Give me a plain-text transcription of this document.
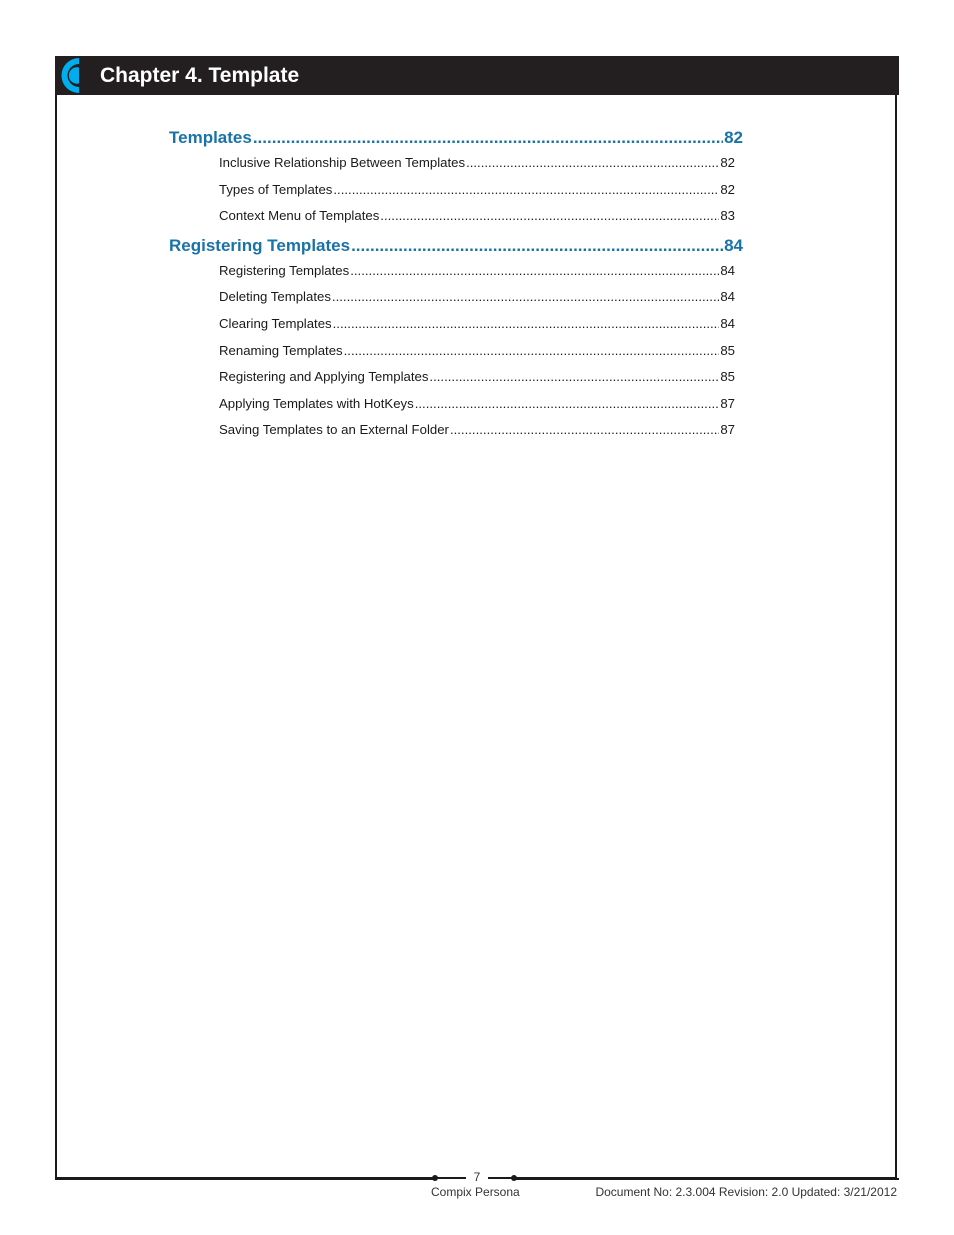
Chapter 4. Template
Templates .....	82
Inclusive Relationship Between Templates .....	82
Types of Templates .....	82
Context Menu of Templates .....	83
Registering Templates .....	84
Registering Templates .....	84
Deleting Templates .....	84
Clearing Templates .....	84
Renaming Templates .....	85
Registering and Applying Templates .....	85
Applying Templates with HotKeys .....	87
Saving Templates to an External Folder .....	87
7
Compix Persona	Document No: 2.3.004 Revision: 2.0 Updated: 3/21/2012
